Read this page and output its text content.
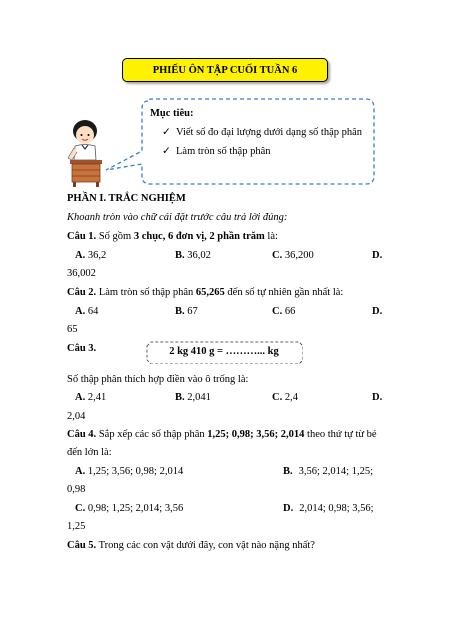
PHIẾU ÔN TẬP CUỐI TUẦN 6
Mục tiêu:
✓ Viết số đo đại lượng dưới dạng số thập phân
✓ Làm tròn số thập phân
PHẦN I. TRẮC NGHIỆM
Khoanh tròn vào chữ cái đặt trước câu trả lời đúng:
Câu 1. Số gồm 3 chục, 6 đơn vị, 2 phần trăm là:
A. 36,2	B. 36,02	C. 36,200	D.
36,002
Câu 2. Làm tròn số thập phân 65,265 đến số tự nhiên gần nhất là:
A. 64	B. 67	C. 66	D.
65
Câu 3.	2 kg 410 g = ………... kg
Số thập phân thích hợp điền vào ô trống là:
A. 2,41	B. 2,041	C. 2,4	D.
2,04
Câu 4. Sắp xếp các số thập phân 1,25; 0,98; 3,56; 2,014 theo thứ tự từ bé
đến lớn là:
A. 1,25; 3,56; 0,98; 2,014	B. 3,56; 2,014; 1,25;
0,98
C. 0,98; 1,25; 2,014; 3,56	D. 2,014; 0,98; 3,56;
1,25
Câu 5. Trong các con vật dưới đây, con vật nào nặng nhất?
